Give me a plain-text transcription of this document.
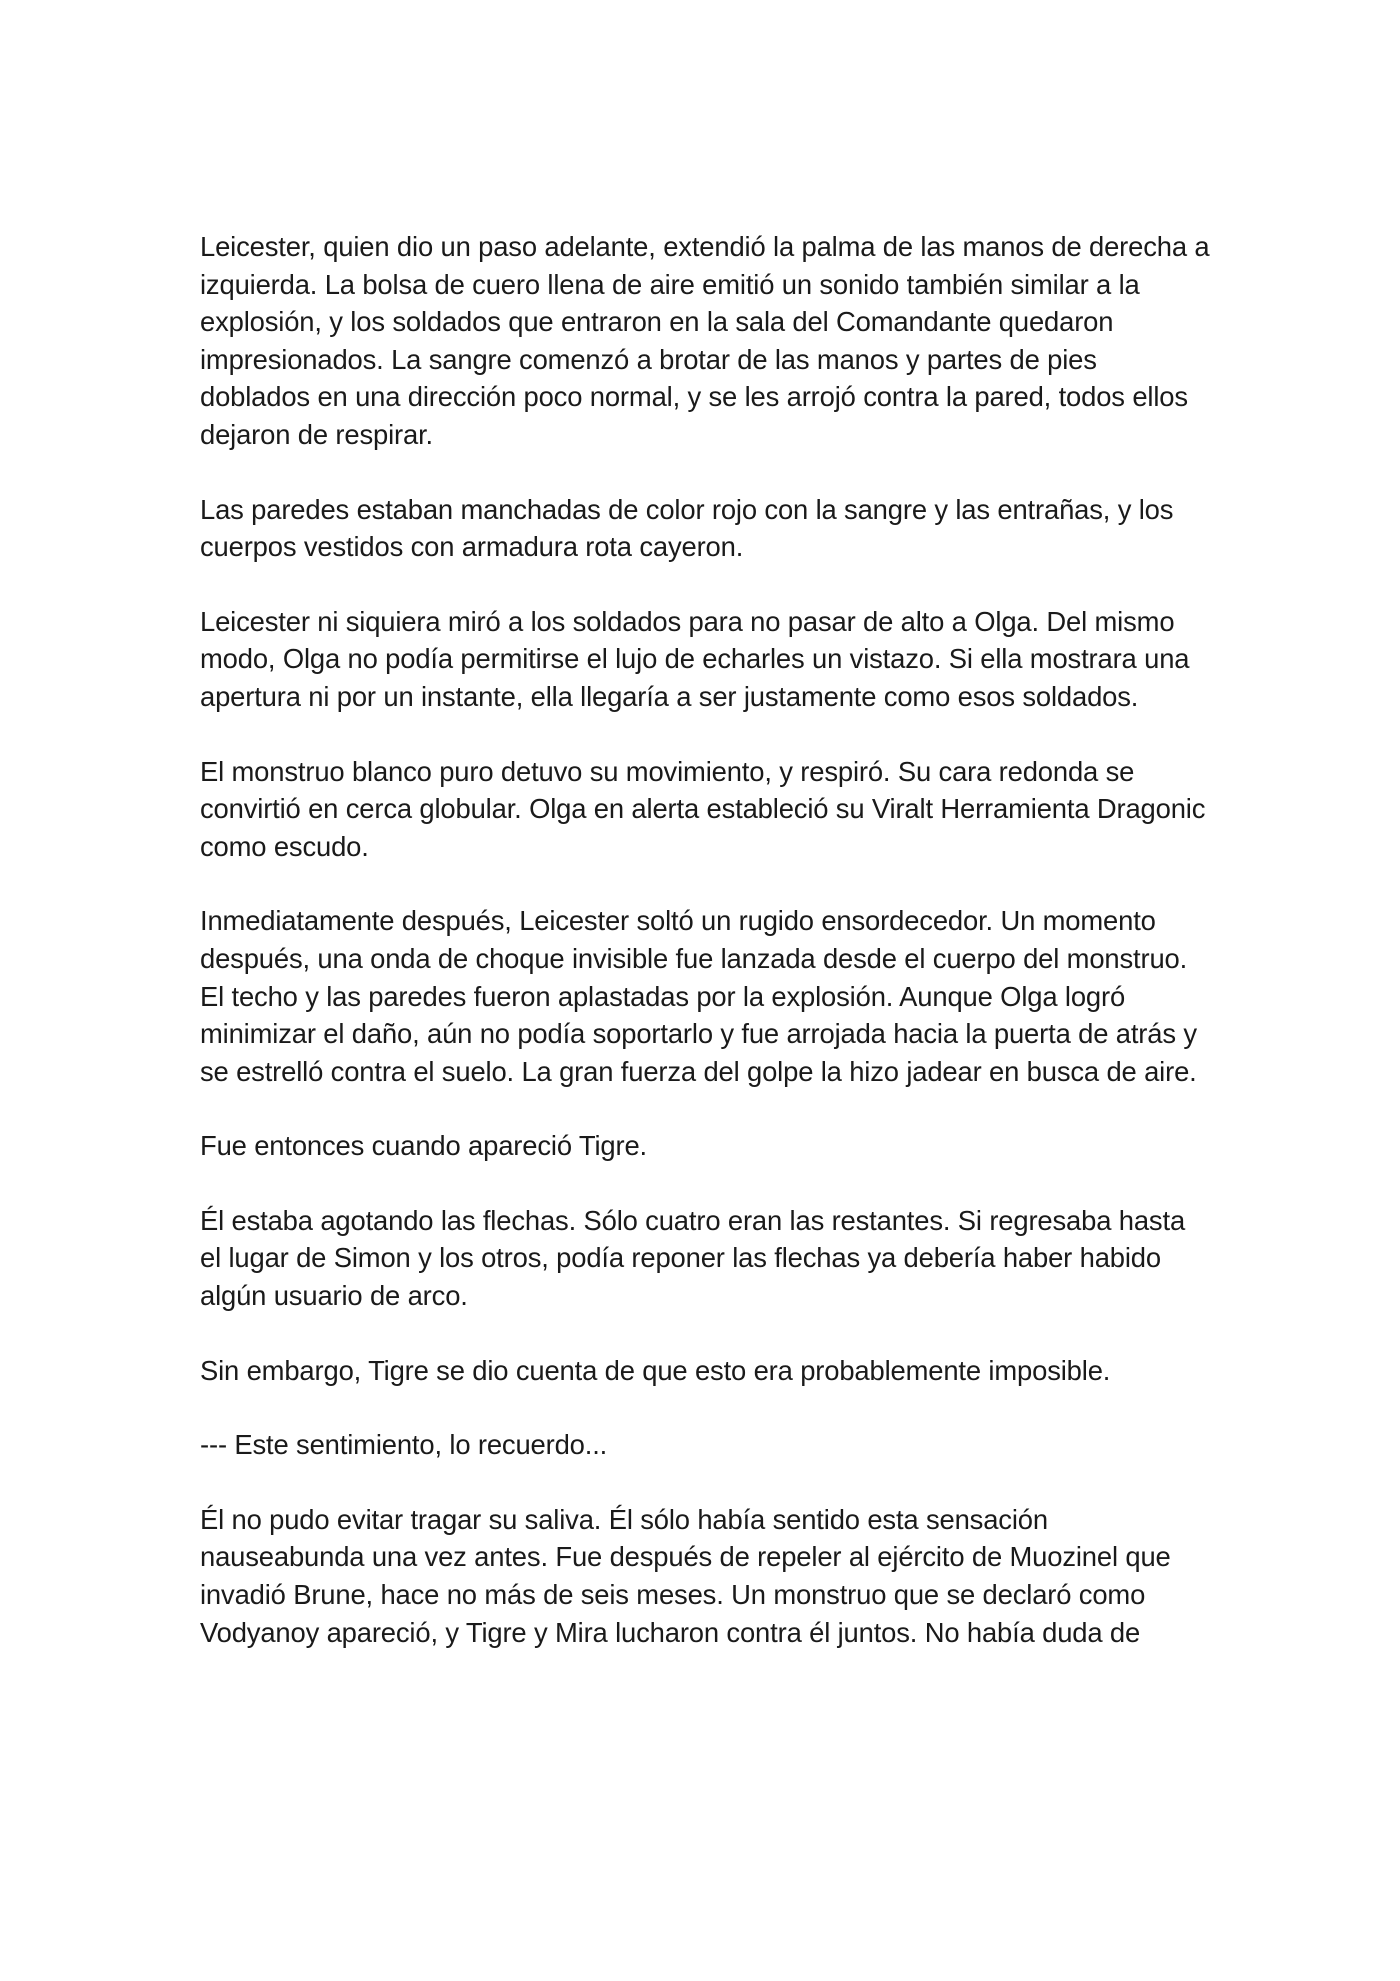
Leicester, quien dio un paso adelante, extendió la palma de las manos de derecha a izquierda. La bolsa de cuero llena de aire emitió un sonido también similar a la explosión, y los soldados que entraron en la sala del Comandante quedaron impresionados. La sangre comenzó a brotar de las manos y partes de pies doblados en una dirección poco normal, y se les arrojó contra la pared, todos ellos dejaron de respirar.

Las paredes estaban manchadas de color rojo con la sangre y las entrañas, y los cuerpos vestidos con armadura rota cayeron.

Leicester ni siquiera miró a los soldados para no pasar de alto a Olga. Del mismo modo, Olga no podía permitirse el lujo de echarles un vistazo. Si ella mostrara una apertura ni por un instante, ella llegaría a ser justamente como esos soldados.

El monstruo blanco puro detuvo su movimiento, y respiró. Su cara redonda se convirtió en cerca globular. Olga en alerta estableció su Viralt Herramienta Dragonic como escudo.

Inmediatamente después, Leicester soltó un rugido ensordecedor. Un momento después, una onda de choque invisible fue lanzada desde el cuerpo del monstruo. El techo y las paredes fueron aplastadas por la explosión. Aunque Olga logró minimizar el daño, aún no podía soportarlo y fue arrojada hacia la puerta de atrás y se estrelló contra el suelo. La gran fuerza del golpe la hizo jadear en busca de aire.

Fue entonces cuando apareció Tigre.

Él estaba agotando las flechas. Sólo cuatro eran las restantes. Si regresaba hasta el lugar de Simon y los otros, podía reponer las flechas ya debería haber habido algún usuario de arco.

Sin embargo, Tigre se dio cuenta de que esto era probablemente imposible.

--- Este sentimiento, lo recuerdo...

Él no pudo evitar tragar su saliva. Él sólo había sentido esta sensación nauseabunda una vez antes. Fue después de repeler al ejército de Muozinel que invadió Brune, hace no más de seis meses. Un monstruo que se declaró como Vodyanoy apareció, y Tigre y Mira lucharon contra él juntos. No había duda de
